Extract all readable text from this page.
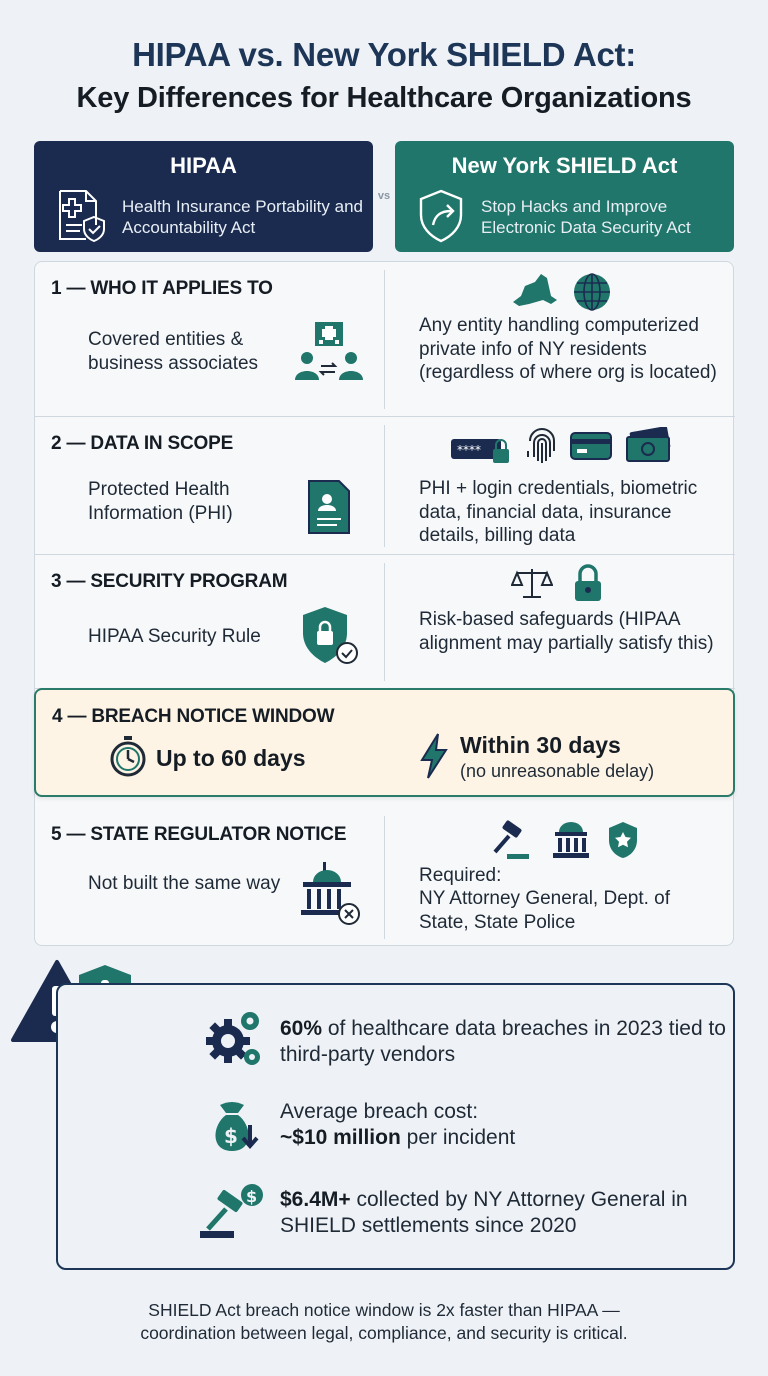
HIPAA vs. New York SHIELD Act:
Key Differences for Healthcare Organizations
HIPAA
Health Insurance Portability and Accountability Act
vs
New York SHIELD Act
Stop Hacks and Improve Electronic Data Security Act
1 — WHO IT APPLIES TO
Covered entities & business associates
Any entity handling computerized private info of NY residents (regardless of where org is located)
2 — DATA IN SCOPE
Protected Health Information (PHI)
****
PHI + login credentials, biometric data, financial data, insurance details, billing data
3 — SECURITY PROGRAM
HIPAA Security Rule
Risk-based safeguards (HIPAA alignment may partially satisfy this)
5 — STATE REGULATOR NOTICE
Not built the same way	Required:
NY Attorney General, Dept. of State, State Police
4 — BREACH NOTICE WINDOW
Up to 60 days	Within 30 days
(no unreasonable delay)
60% of healthcare data breaches in 2023 tied to third-party vendors
$
Average breach cost:
~$10 million per incident
$ $6.4M+ collected by NY Attorney General in SHIELD settlements since 2020
SHIELD Act breach notice window is 2x faster than HIPAA —
coordination between legal, compliance, and security is critical.
